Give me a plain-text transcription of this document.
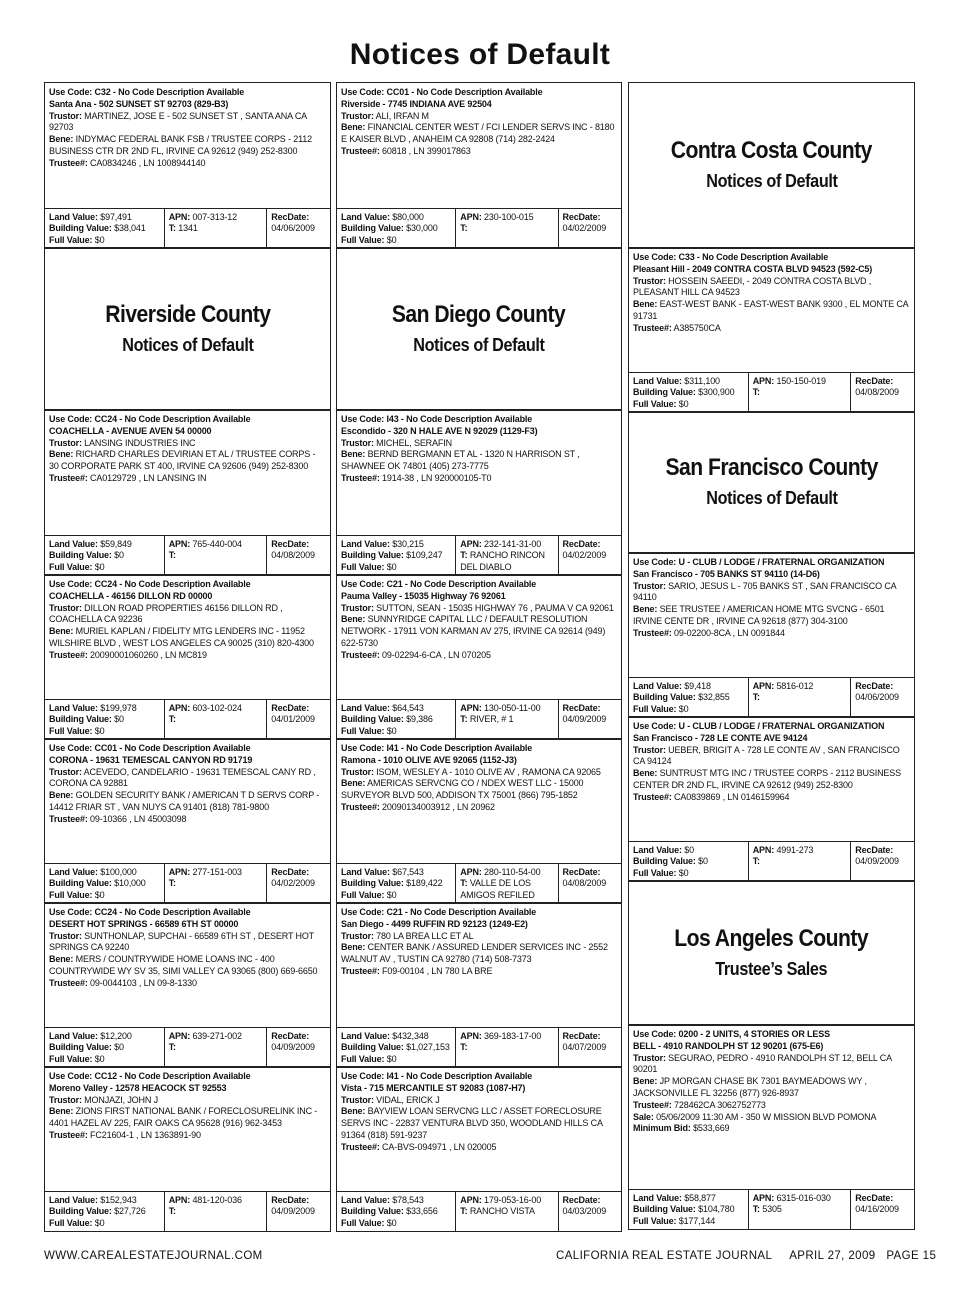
Notices of Default
Use Code: C32 - No Code Description Available
Santa Ana - 502 SUNSET ST 92703 (829-B3)
Trustor: MARTINEZ, JOSE E - 502 SUNSET ST , SANTA ANA CA 92703
Bene: INDYMAC FEDERAL BANK FSB / TRUSTEE CORPS - 2112 BUSINESS CTR DR 2ND FL, IRVINE CA 92612 (949) 252-8300
Trustee#: CA0834246 , LN 1008944140
Land Value: $97,491
Building Value: $38,041
Full Value: $0
APN: 007-313-12
T: 1341
RecDate:
04/06/2009
Riverside County
Notices of Default
Use Code: CC24 - No Code Description Available
COACHELLA - AVENUE AVEN 54 00000
Trustor: LANSING INDUSTRIES INC
Bene: RICHARD CHARLES DEVIRIAN ET AL / TRUSTEE CORPS - 30 CORPORATE PARK ST 400, IRVINE CA 92606 (949) 252-8300
Trustee#: CA0129729 , LN LANSING IN
Land Value: $59,849
Building Value: $0
Full Value: $0
APN: 765-440-004
T:
RecDate:
04/08/2009
Use Code: CC24 - No Code Description Available
COACHELLA - 46156 DILLON RD 00000
Trustor: DILLON ROAD PROPERTIES 46156 DILLON RD , COACHELLA CA 92236
Bene: MURIEL KAPLAN / FIDELITY MTG LENDERS INC - 11952 WILSHIRE BLVD , WEST LOS ANGELES CA 90025 (310) 820-4300
Trustee#: 20090001060260 , LN MC819
Land Value: $199,978
Building Value: $0
Full Value: $0
APN: 603-102-024
T:
RecDate:
04/01/2009
Use Code: CC01 - No Code Description Available
CORONA - 19631 TEMESCAL CANYON RD 91719
Trustor: ACEVEDO, CANDELARIO - 19631 TEMESCAL CANY RD , CORONA CA 92881
Bene: GOLDEN SECURITY BANK / AMERICAN T D SERVS CORP - 14412 FRIAR ST , VAN NUYS CA 91401 (818) 781-9800
Trustee#: 09-10366 , LN 45003098
Land Value: $100,000
Building Value: $10,000
Full Value: $0
APN: 277-151-003
T:
RecDate:
04/02/2009
Use Code: CC24 - No Code Description Available
DESERT HOT SPRINGS - 66589 6TH ST 00000
Trustor: SUNTHONLAP, SUPCHAI - 66589 6TH ST , DESERT HOT SPRINGS CA 92240
Bene: MERS / COUNTRYWIDE HOME LOANS INC - 400 COUNTRYWIDE WY SV 35, SIMI VALLEY CA 93065 (800) 669-6650
Trustee#: 09-0044103 , LN 09-8-1330
Land Value: $12,200
Building Value: $0
Full Value: $0
APN: 639-271-002
T:
RecDate:
04/09/2009
Use Code: CC12 - No Code Description Available
Moreno Valley - 12578 HEACOCK ST 92553
Trustor: MONJAZI, JOHN J
Bene: ZIONS FIRST NATIONAL BANK / FORECLOSURELINK INC - 4401 HAZEL AV 225, FAIR OAKS CA 95628 (916) 962-3453
Trustee#: FC21604-1 , LN 1363891-90
Land Value: $152,943
Building Value: $27,726
Full Value: $0
APN: 481-120-036
T:
RecDate:
04/09/2009
Use Code: CC01 - No Code Description Available
Riverside - 7745 INDIANA AVE 92504
Trustor: ALI, IRFAN M
Bene: FINANCIAL CENTER WEST / FCI LENDER SERVS INC - 8180 E KAISER BLVD , ANAHEIM CA 92808 (714) 282-2424
Trustee#: 60818 , LN 399017863
Land Value: $80,000
Building Value: $30,000
Full Value: $0
APN: 230-100-015
T:
RecDate:
04/02/2009
San Diego County
Notices of Default
Use Code: I43 - No Code Description Available
Escondido - 320 N HALE AVE N 92029 (1129-F3)
Trustor: MICHEL, SERAFIN
Bene: BERND BERGMANN ET AL - 1320 N HARRISON ST , SHAWNEE OK 74801 (405) 273-7775
Trustee#: 1914-38 , LN 920000105-T0
Land Value: $30,215
Building Value: $109,247
Full Value: $0
APN: 232-141-31-00
T: RANCHO RINCON DEL DIABLO
RecDate:
04/02/2009
Use Code: C21 - No Code Description Available
Pauma Valley - 15035 Highway 76 92061
Trustor: SUTTON, SEAN - 15035 HIGHWAY 76 , PAUMA V CA 92061
Bene: SUNNYRIDGE CAPITAL LLC / DEFAULT RESOLUTION NETWORK - 17911 VON KARMAN AV 275, IRVINE CA 92614 (949) 622-5730
Trustee#: 09-02294-6-CA , LN 070205
Land Value: $64,543
Building Value: $9,386
Full Value: $0
APN: 130-050-11-00
T: RIVER, # 1
RecDate:
04/09/2009
Use Code: I41 - No Code Description Available
Ramona - 1010 OLIVE AVE 92065 (1152-J3)
Trustor: ISOM, WESLEY A - 1010 OLIVE AV , RAMONA CA 92065
Bene: AMERICAS SERVCNG CO / NDEX WEST LLC - 15000 SURVEYOR BLVD 500, ADDISON TX 75001 (866) 795-1852
Trustee#: 20090134003912 , LN 20962
Land Value: $67,543
Building Value: $189,422
Full Value: $0
APN: 280-110-54-00
T: VALLE DE LOS AMIGOS REFILED
RecDate:
04/08/2009
Use Code: C21 - No Code Description Available
San Diego - 4499 RUFFIN RD 92123 (1249-E2)
Trustor: 780 LA BREA LLC ET AL
Bene: CENTER BANK / ASSURED LENDER SERVICES INC - 2552 WALNUT AV , TUSTIN CA 92780 (714) 508-7373
Trustee#: F09-00104 , LN 780 LA BRE
Land Value: $432,348
Building Value: $1,027,153
Full Value: $0
APN: 369-183-17-00
T:
RecDate:
04/07/2009
Use Code: I41 - No Code Description Available
Vista - 715 MERCANTILE ST 92083 (1087-H7)
Trustor: VIDAL, ERICK J
Bene: BAYVIEW LOAN SERVCNG LLC / ASSET FORECLOSURE SERVS INC - 22837 VENTURA BLVD 350, WOODLAND HILLS CA 91364 (818) 591-9237
Trustee#: CA-BVS-094971 , LN 020005
Land Value: $78,543
Building Value: $33,656
Full Value: $0
APN: 179-053-16-00
T: RANCHO VISTA
RecDate:
04/03/2009
Contra Costa County
Notices of Default
Use Code: C33 - No Code Description Available
Pleasant Hill - 2049 CONTRA COSTA BLVD 94523 (592-C5)
Trustor: HOSSEIN SAEEDI, - 2049 CONTRA COSTA BLVD , PLEASANT HILL CA 94523
Bene: EAST-WEST BANK - EAST-WEST BANK 9300 , EL MONTE CA 91731
Trustee#: A385750CA
Land Value: $311,100
Building Value: $300,900
Full Value: $0
APN: 150-150-019
T:
RecDate:
04/08/2009
San Francisco County
Notices of Default
Use Code: U - CLUB / LODGE / FRATERNAL ORGANIZATION
San Francisco - 705 BANKS ST 94110 (14-D6)
Trustor: SARIO, JESUS L - 705 BANKS ST , SAN FRANCISCO CA 94110
Bene: SEE TRUSTEE / AMERICAN HOME MTG SVCNG - 6501 IRVINE CENTE DR , IRVINE CA 92618 (877) 304-3100
Trustee#: 09-02200-8CA , LN 0091844
Land Value: $9,418
Building Value: $32,855
Full Value: $0
APN: 5816-012
T:
RecDate:
04/06/2009
Use Code: U - CLUB / LODGE / FRATERNAL ORGANIZATION
San Francisco - 728 LE CONTE AVE 94124
Trustor: UEBER, BRIGIT A - 728 LE CONTE AV , SAN FRANCISCO CA 94124
Bene: SUNTRUST MTG INC / TRUSTEE CORPS - 2112 BUSINESS CENTER DR 2ND FL, IRVINE CA 92612 (949) 252-8300
Trustee#: CA0839869 , LN 0146159964
Land Value: $0
Building Value: $0
Full Value: $0
APN: 4991-273
T:
RecDate:
04/09/2009
Los Angeles County
Trustee’s Sales
Use Code: 0200 - 2 UNITS, 4 STORIES OR LESS
BELL - 4910 RANDOLPH ST 12 90201 (675-E6)
Trustor: SEGURAO, PEDRO - 4910 RANDOLPH ST 12, BELL CA 90201
Bene: JP MORGAN CHASE BK 7301 BAYMEADOWS WY , JACKSONVILLE FL 32256 (877) 926-8937
Trustee#: 728462CA 3062752773
Sale: 05/06/2009 11:30 AM - 350 W MISSION BLVD POMONA
Minimum Bid: $533,669
Land Value: $58,877
Building Value: $104,780
Full Value: $177,144
APN: 6315-016-030
T: 5305
RecDate:
04/16/2009
WWW.CAREALESTATEJOURNAL.COM	CALIFORNIA REAL ESTATE JOURNAL     APRIL 27, 2009   PAGE 15
